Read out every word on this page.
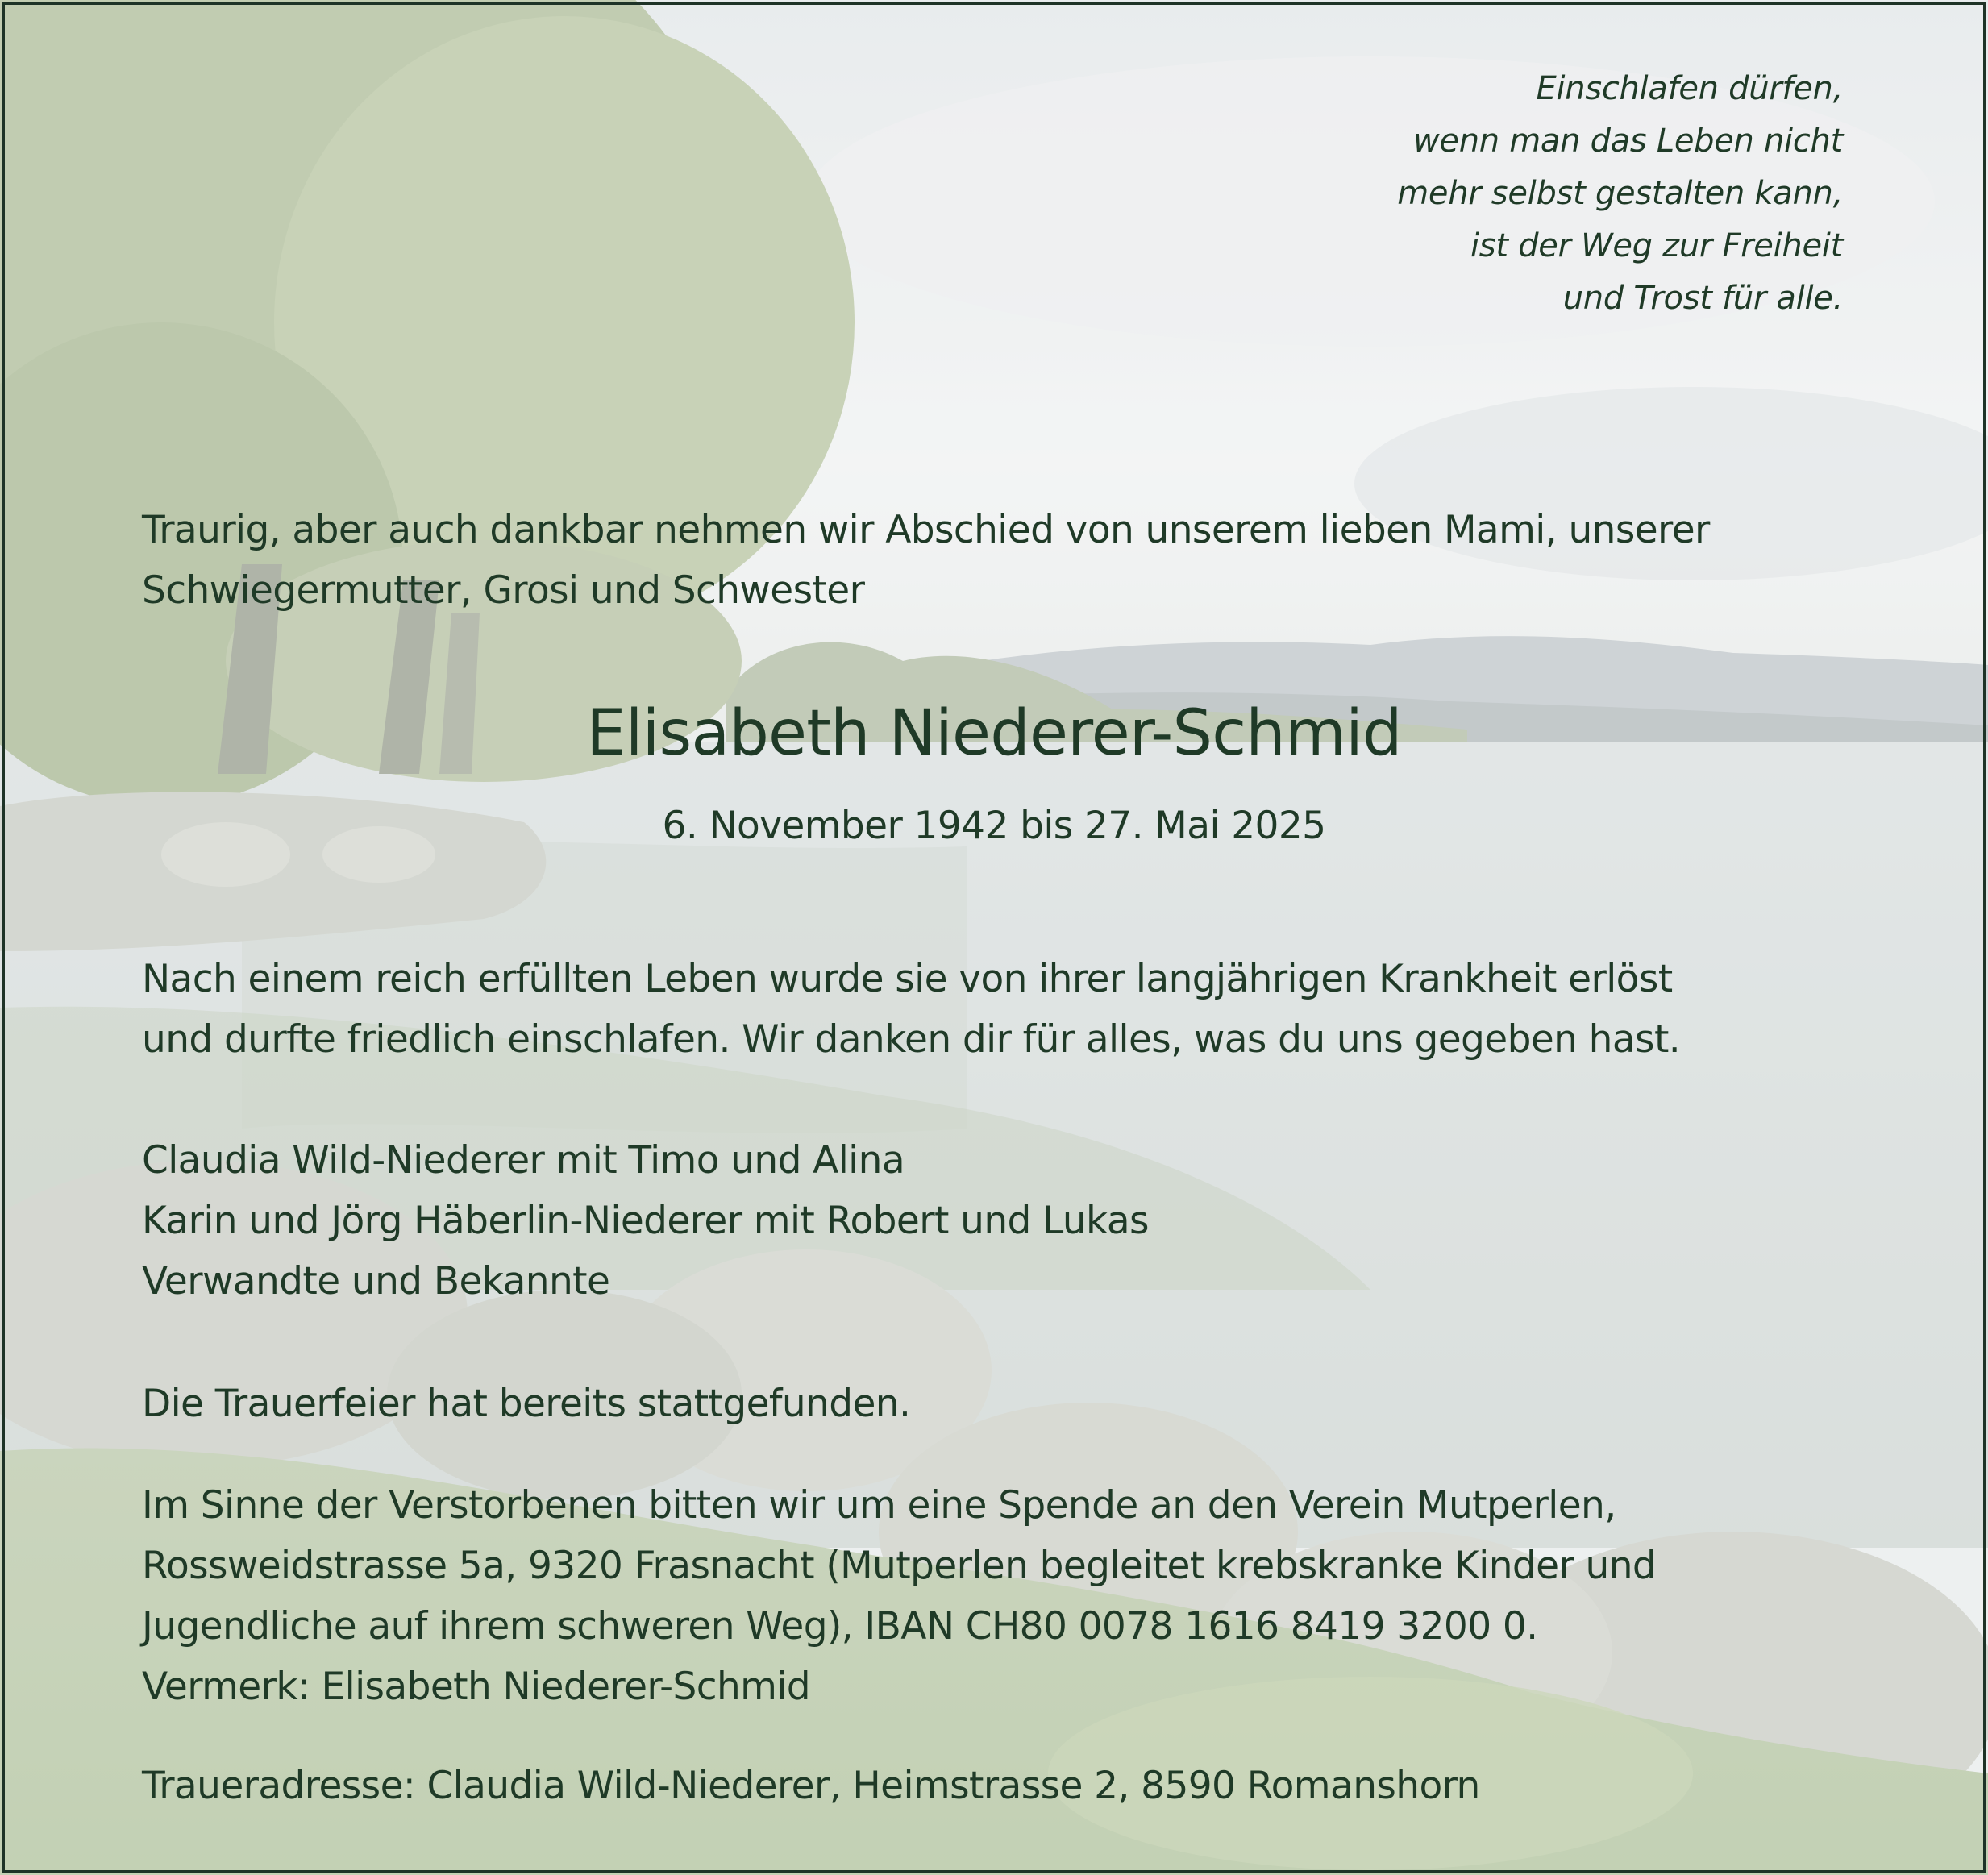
Einschlafen dürfen,
wenn man das Leben nicht
mehr selbst gestalten kann,
ist der Weg zur Freiheit
und Trost für alle.
Traurig, aber auch dankbar nehmen wir Abschied von unserem lieben Mami, unserer
Schwiegermutter, Grosi und Schwester
Elisabeth Niederer-Schmid
6. November 1942 bis 27. Mai 2025
Nach einem reich erfüllten Leben wurde sie von ihrer langjährigen Krankheit erlöst
und durfte friedlich einschlafen. Wir danken dir für alles, was du uns gegeben hast.
Claudia Wild-Niederer mit Timo und Alina
Karin und Jörg Häberlin-Niederer mit Robert und Lukas
Verwandte und Bekannte
Die Trauerfeier hat bereits stattgefunden.
Im Sinne der Verstorbenen bitten wir um eine Spende an den Verein Mutperlen,
Rossweidstrasse 5a, 9320 Frasnacht (Mutperlen begleitet krebskranke Kinder und
Jugendliche auf ihrem schweren Weg), IBAN CH80 0078 1616 8419 3200 0.
Vermerk: Elisabeth Niederer-Schmid
Traueradresse: Claudia Wild-Niederer, Heimstrasse 2, 8590 Romanshorn
